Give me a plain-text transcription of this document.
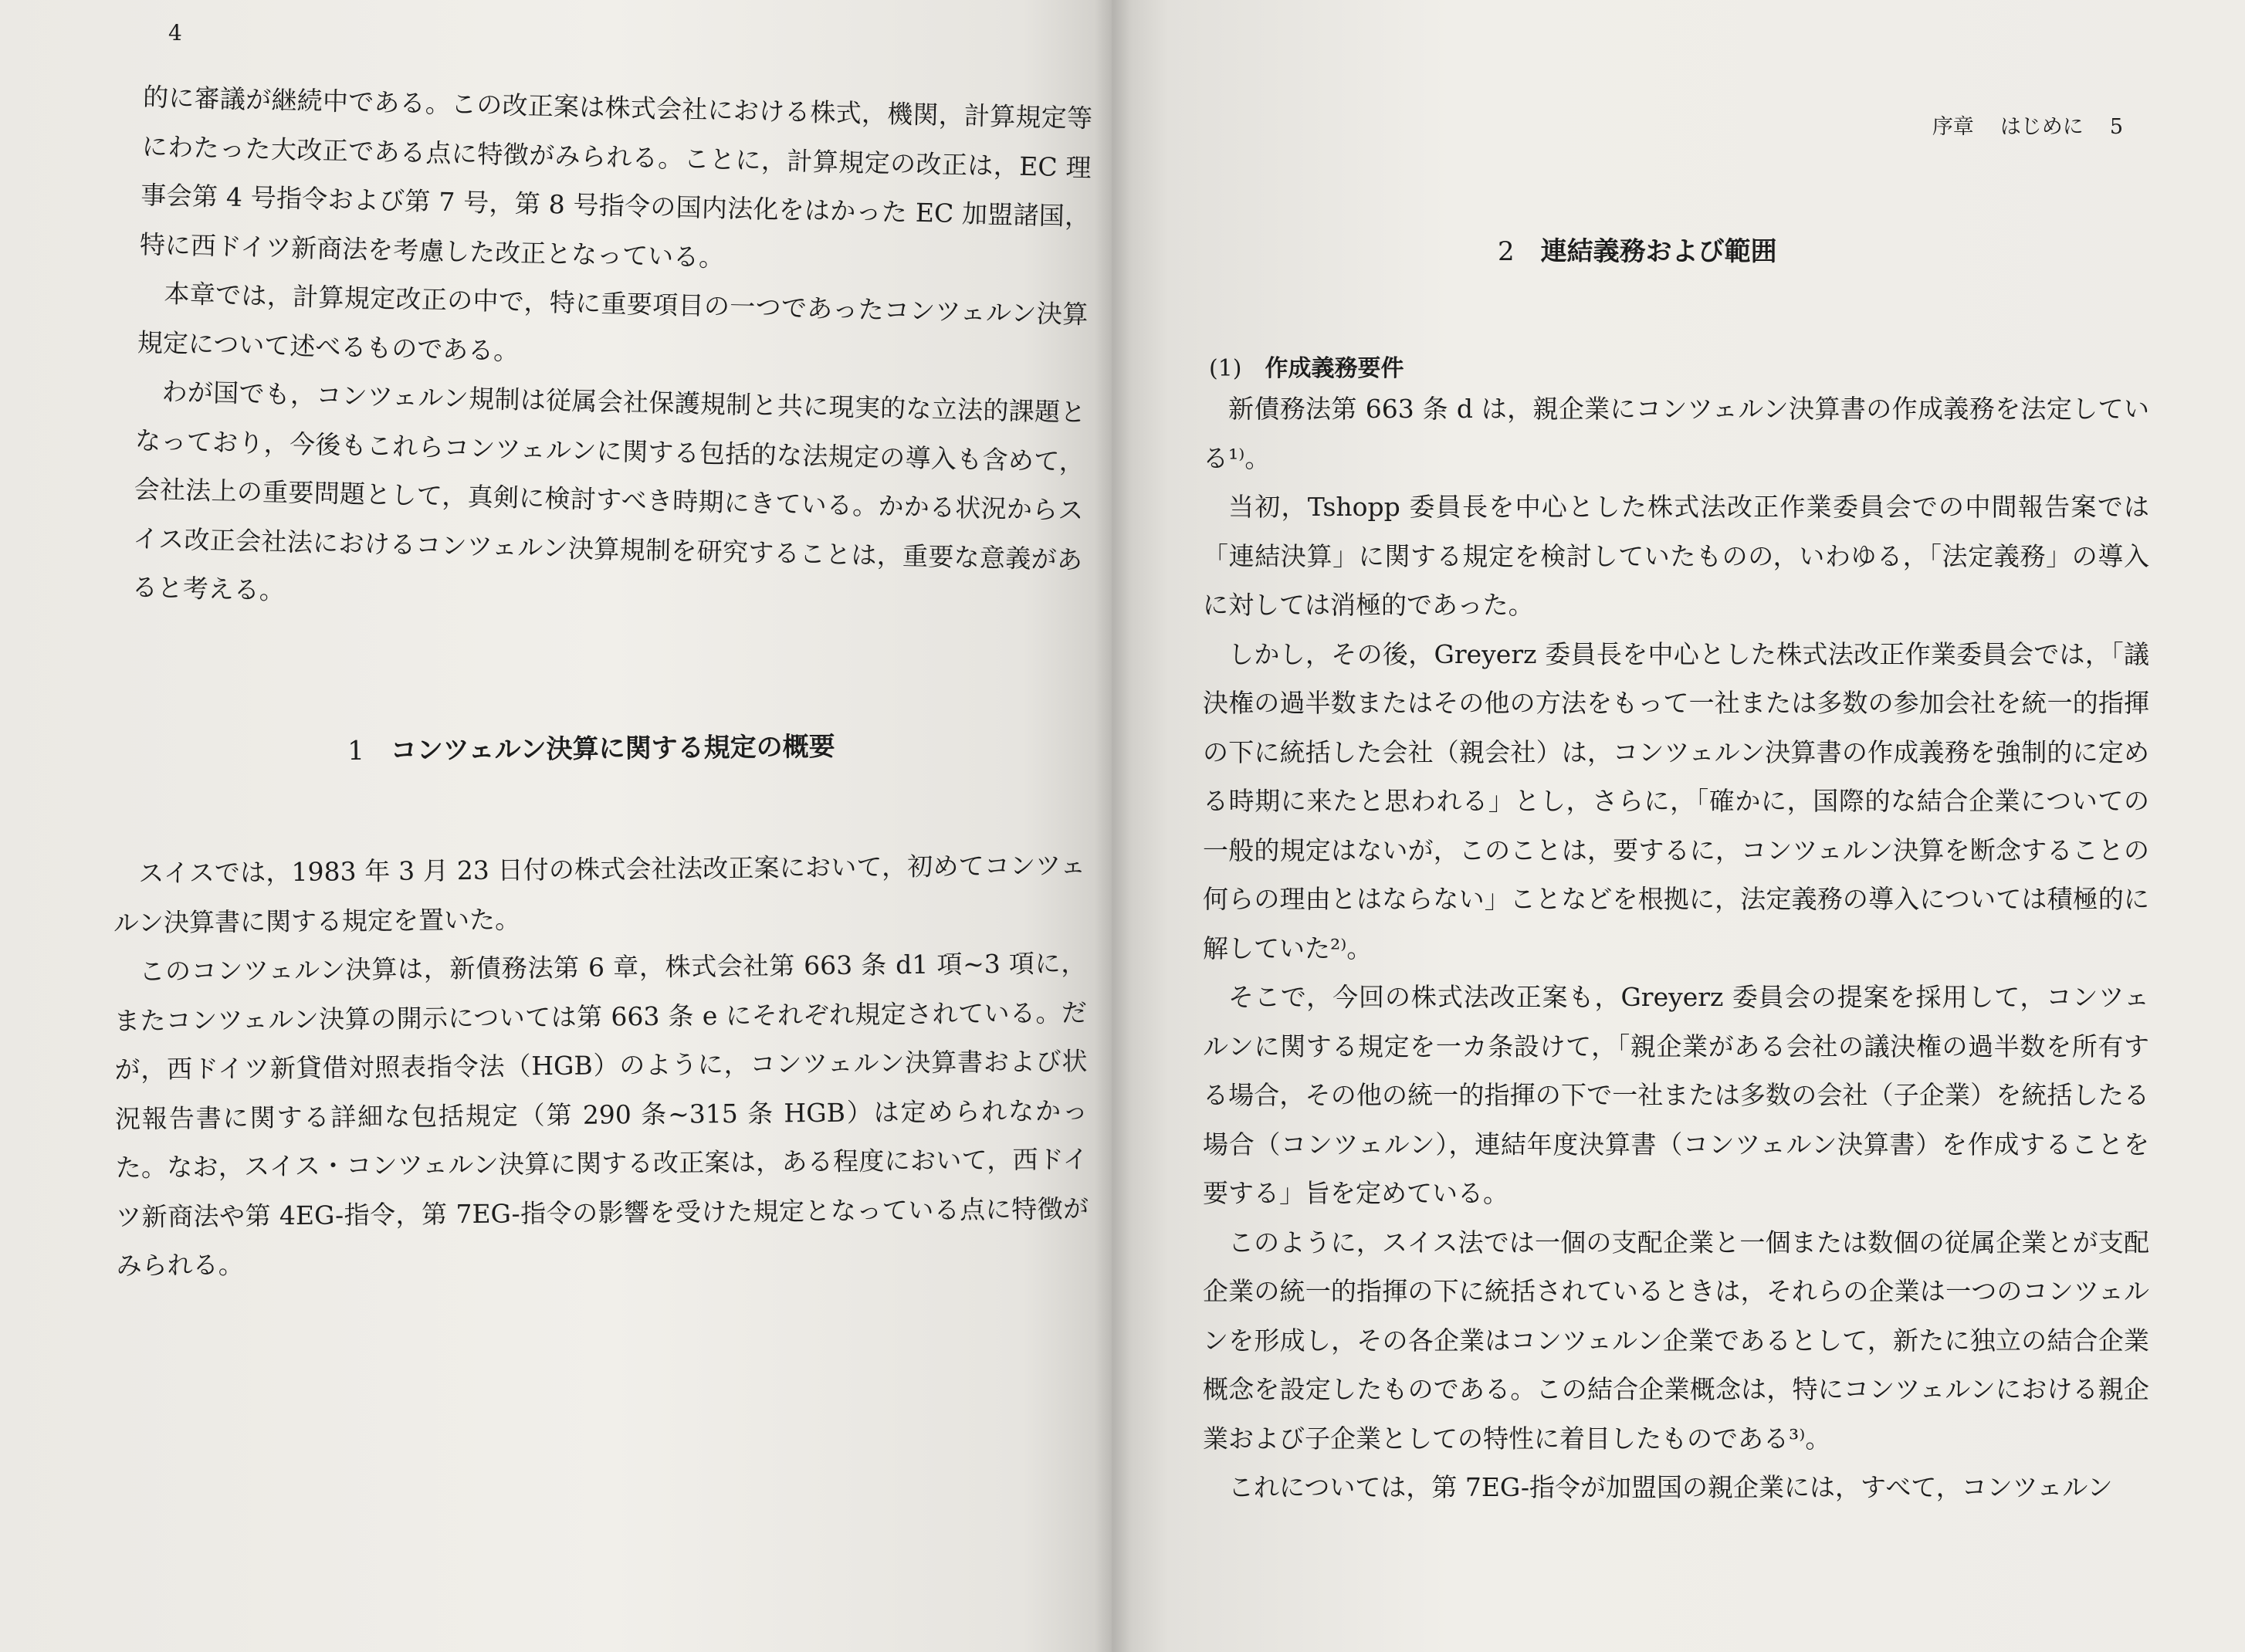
4

的に審議が継続中である。この改正案は株式会社における株式，機関，計算規定等にわたった大改正である点に特徴がみられる。ことに，計算規定の改正は，EC 理事会第 4 号指令および第 7 号，第 8 号指令の国内法化をはかった EC 加盟諸国，特に西ドイツ新商法を考慮した改正となっている。

本章では，計算規定改正の中で，特に重要項目の一つであったコンツェルン決算規定について述べるものである。

わが国でも，コンツェルン規制は従属会社保護規制と共に現実的な立法的課題となっており，今後もこれらコンツェルンに関する包括的な法規定の導入も含めて，会社法上の重要問題として，真剣に検討すべき時期にきている。かかる状況からスイス改正会社法におけるコンツェルン決算規制を研究することは，重要な意義があると考える。

1 コンツェルン決算に関する規定の概要

スイスでは，1983 年 3 月 23 日付の株式会社法改正案において，初めてコンツェルン決算書に関する規定を置いた。

このコンツェルン決算は，新債務法第 6 章，株式会社第 663 条 d1 項~3 項に，またコンツェルン決算の開示については第 663 条 e にそれぞれ規定されている。だが，西ドイツ新貸借対照表指令法（HGB）のように，コンツェルン決算書および状況報告書に関する詳細な包括規定（第 290 条~315 条 HGB）は定められなかった。なお，スイス・コンツェルン決算に関する改正案は，ある程度において，西ドイツ新商法や第 4EG-指令，第 7EG-指令の影響を受けた規定となっている点に特徴がみられる。

序章 はじめに 5
2 連結義務および範囲
(1) 作成義務要件

新債務法第 663 条 d は，親企業にコンツェルン決算書の作成義務を法定している¹⁾。

当初，Tshopp 委員長を中心とした株式法改正作業委員会での中間報告案では「連結決算」に関する規定を検討していたものの，いわゆる，「法定義務」の導入に対しては消極的であった。

しかし，その後，Greyerz 委員長を中心とした株式法改正作業委員会では，「議決権の過半数またはその他の方法をもって一社または多数の参加会社を統一的指揮の下に統括した会社（親会社）は，コンツェルン決算書の作成義務を強制的に定める時期に来たと思われる」とし，さらに，「確かに，国際的な結合企業についての一般的規定はないが，このことは，要するに，コンツェルン決算を断念することの何らの理由とはならない」ことなどを根拠に，法定義務の導入については積極的に解していた²⁾。

そこで，今回の株式法改正案も，Greyerz 委員会の提案を採用して，コンツェルンに関する規定を一カ条設けて，「親企業がある会社の議決権の過半数を所有する場合，その他の統一的指揮の下で一社または多数の会社（子企業）を統括したる場合（コンツェルン），連結年度決算書（コンツェルン決算書）を作成することを要する」旨を定めている。

このように，スイス法では一個の支配企業と一個または数個の従属企業とが支配企業の統一的指揮の下に統括されているときは，それらの企業は一つのコンツェルンを形成し，その各企業はコンツェルン企業であるとして，新たに独立の結合企業概念を設定したものである。この結合企業概念は，特にコンツェルンにおける親企業および子企業としての特性に着目したものである³⁾。

これについては，第 7EG-指令が加盟国の親企業には，すべて，コンツェルン
